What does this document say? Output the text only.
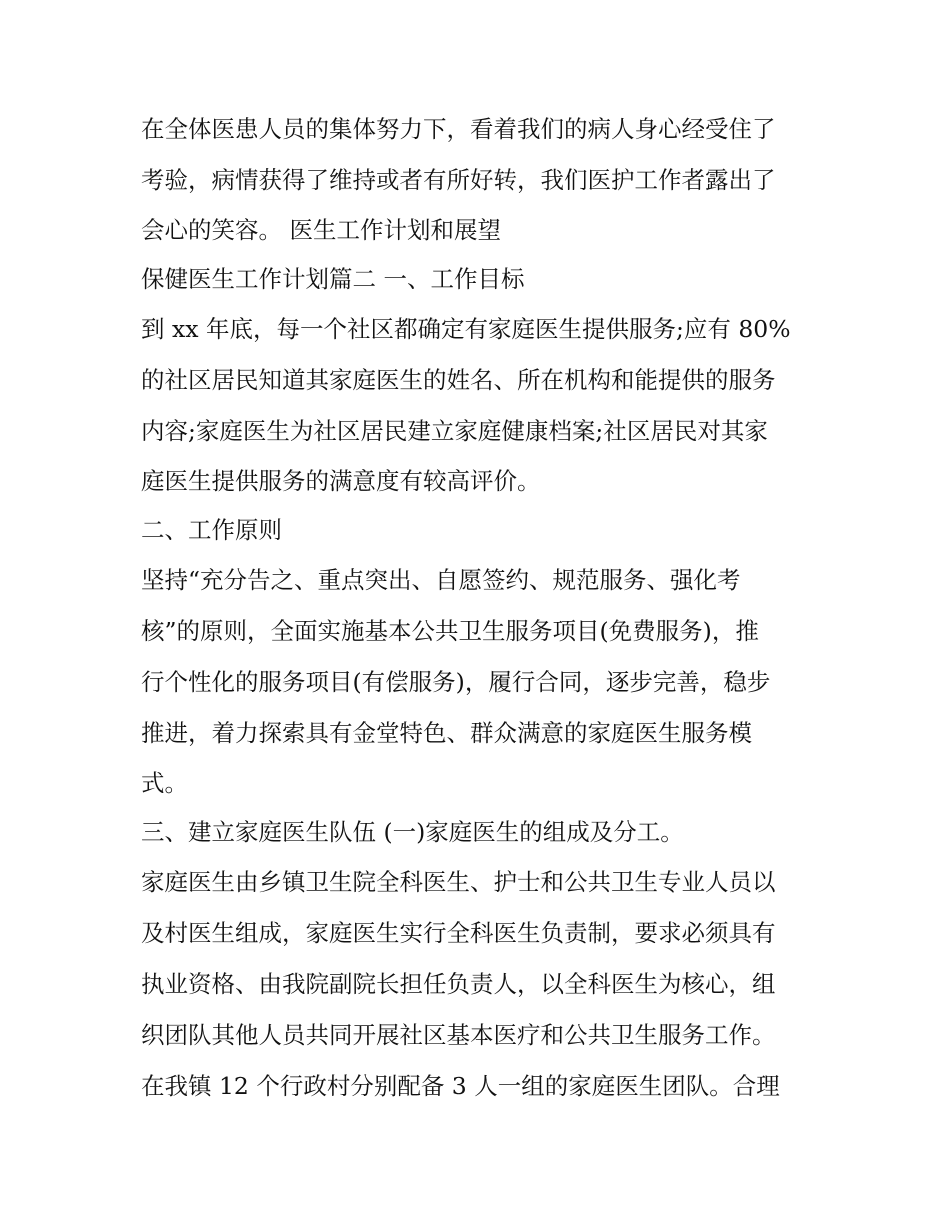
在全体医患人员的集体努力下，看着我们的病人身心经受住了
考验，病情获得了维持或者有所好转，我们医护工作者露出了
会心的笑容。 医生工作计划和展望
保健医生工作计划篇二 一、工作目标
到 xx 年底，每一个社区都确定有家庭医生提供服务;应有 80%
的社区居民知道其家庭医生的姓名、所在机构和能提供的服务
内容;家庭医生为社区居民建立家庭健康档案;社区居民对其家
庭医生提供服务的满意度有较高评价。
二、工作原则
坚持“充分告之、重点突出、自愿签约、规范服务、强化考
核”的原则，全面实施基本公共卫生服务项目(免费服务)，推
行个性化的服务项目(有偿服务)，履行合同，逐步完善，稳步
推进，着力探索具有金堂特色、群众满意的家庭医生服务模
式。
三、建立家庭医生队伍 (一)家庭医生的组成及分工。
家庭医生由乡镇卫生院全科医生、护士和公共卫生专业人员以
及村医生组成，家庭医生实行全科医生负责制，要求必须具有
执业资格、由我院副院长担任负责人，以全科医生为核心，组
织团队其他人员共同开展社区基本医疗和公共卫生服务工作。
在我镇 12 个行政村分别配备 3 人一组的家庭医生团队。合理
